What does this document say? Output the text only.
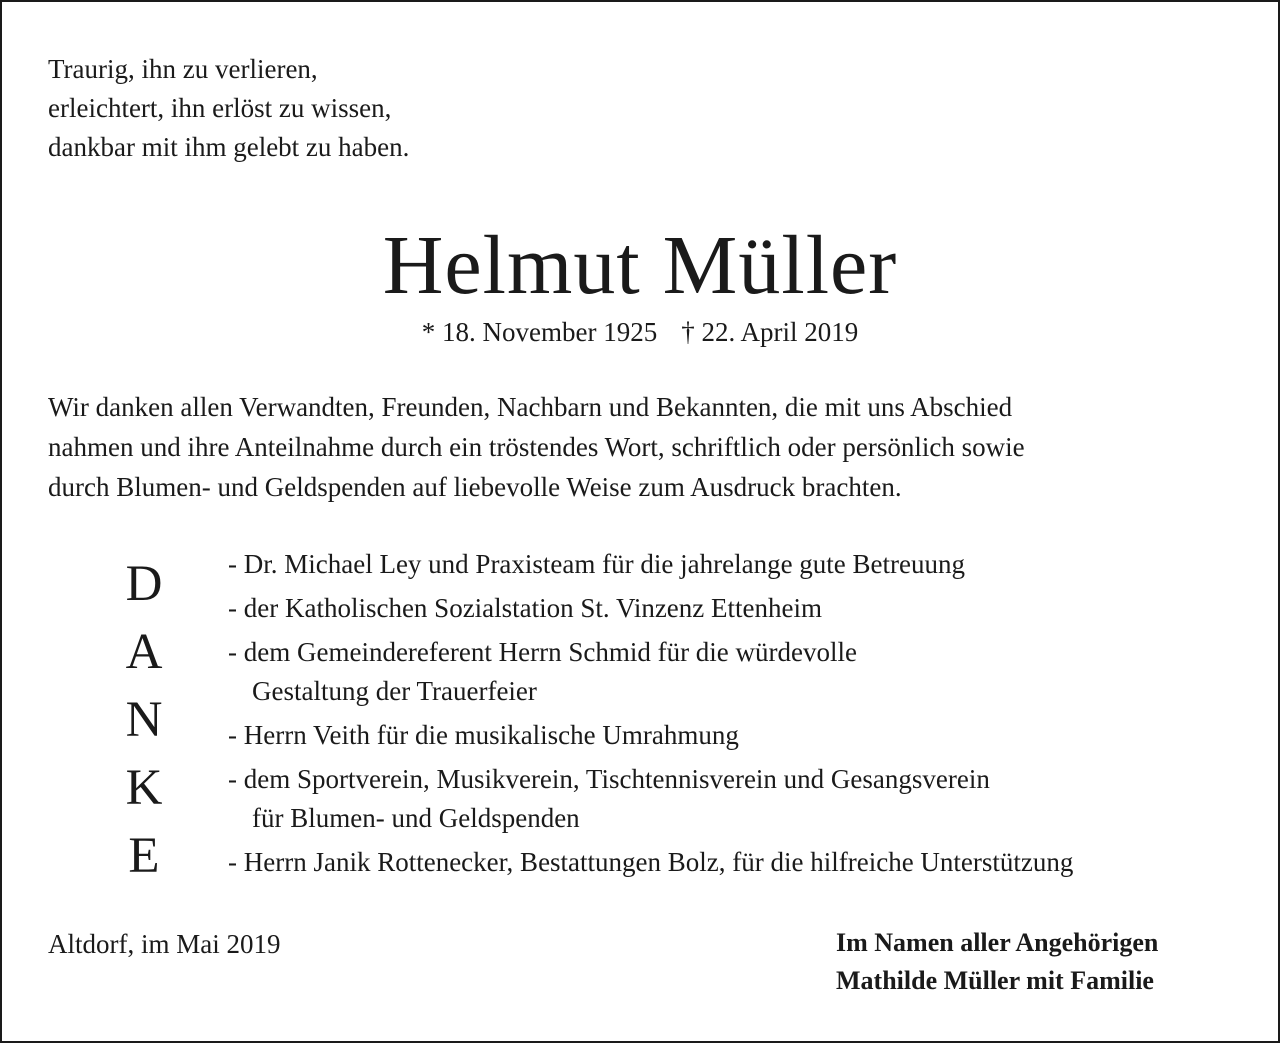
Traurig, ihn zu verlieren,
erleichtert, ihn erlöst zu wissen,
dankbar mit ihm gelebt zu haben.
Helmut Müller
* 18. November 1925 † 22. April 2019
Wir danken allen Verwandten, Freunden, Nachbarn und Bekannten, die mit uns Abschied
nahmen und ihre Anteilnahme durch ein tröstendes Wort, schriftlich oder persönlich sowie
durch Blumen- und Geldspenden auf liebevolle Weise zum Ausdruck brachten.
D
A
N
K
E
- Dr. Michael Ley und Praxisteam für die jahrelange gute Betreuung
- der Katholischen Sozialstation St. Vinzenz Ettenheim
- dem Gemeindereferent Herrn Schmid für die würdevolle
Gestaltung der Trauerfeier
- Herrn Veith für die musikalische Umrahmung
- dem Sportverein, Musikverein, Tischtennisverein und Gesangsverein
für Blumen- und Geldspenden
- Herrn Janik Rottenecker, Bestattungen Bolz, für die hilfreiche Unterstützung
Altdorf, im Mai 2019	Im Namen aller Angehörigen
Mathilde Müller mit Familie
